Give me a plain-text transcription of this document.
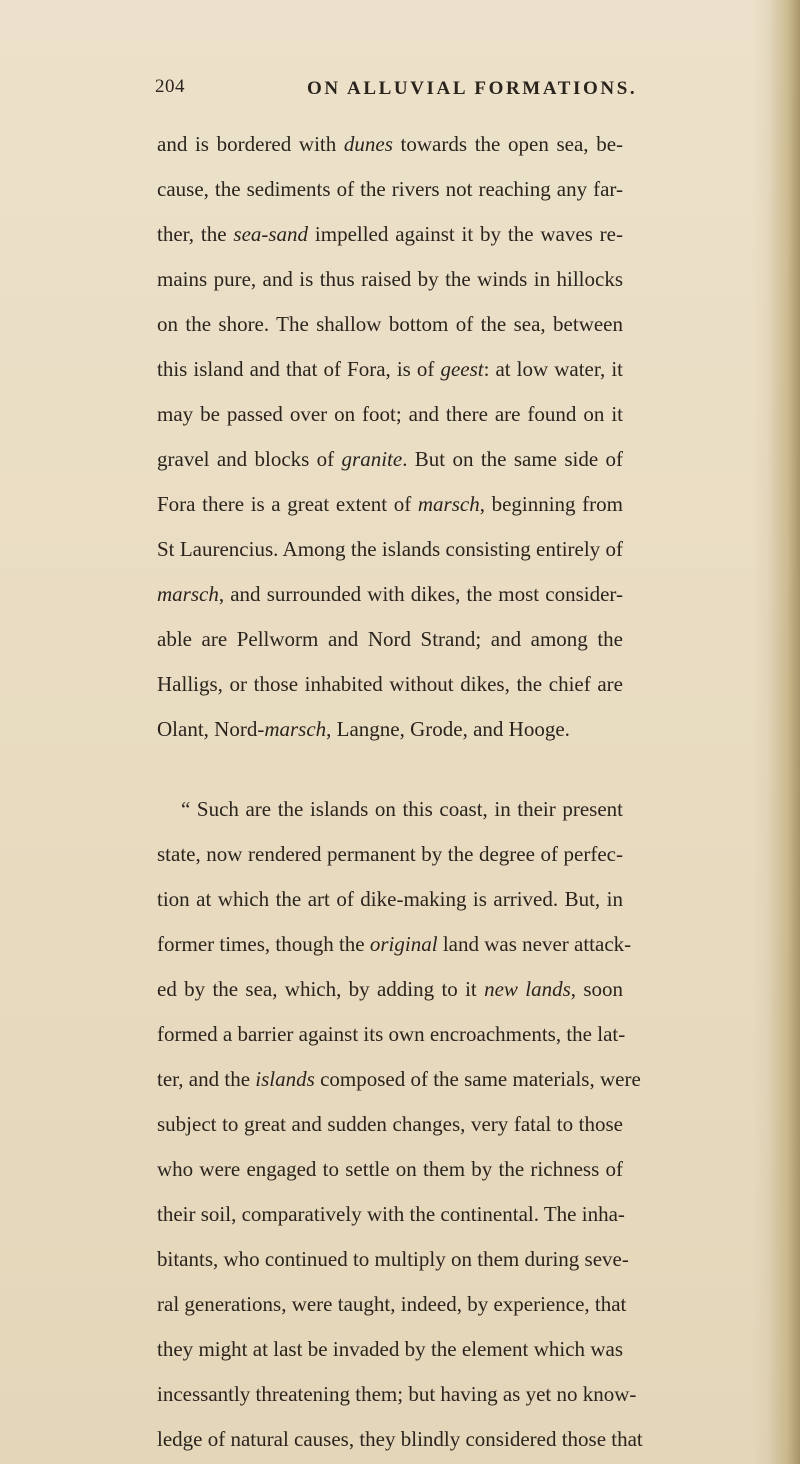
204	ON ALLUVIAL FORMATIONS.
and is bordered with dunes towards the open sea, be-
cause, the sediments of the rivers not reaching any far-
ther, the sea-sand impelled against it by the waves re-
mains pure, and is thus raised by the winds in hillocks
on the shore. The shallow bottom of the sea, between
this island and that of Fora, is of geest: at low water, it
may be passed over on foot; and there are found on it
gravel and blocks of granite. But on the same side of
Fora there is a great extent of marsch, beginning from
St Laurencius. Among the islands consisting entirely of
marsch, and surrounded with dikes, the most consider-
able are Pellworm and Nord Strand; and among the
Halligs, or those inhabited without dikes, the chief are
Olant, Nord-marsch, Langne, Grode, and Hooge.
“ Such are the islands on this coast, in their present
state, now rendered permanent by the degree of perfec-
tion at which the art of dike-making is arrived. But, in
former times, though the original land was never attack-
ed by the sea, which, by adding to it new lands, soon
formed a barrier against its own encroachments, the lat-
ter, and the islands composed of the same materials, were
subject to great and sudden changes, very fatal to those
who were engaged to settle on them by the richness of
their soil, comparatively with the continental. The inha-
bitants, who continued to multiply on them during seve-
ral generations, were taught, indeed, by experience, that
they might at last be invaded by the element which was
incessantly threatening them; but having as yet no know-
ledge of natural causes, they blindly considered those that
